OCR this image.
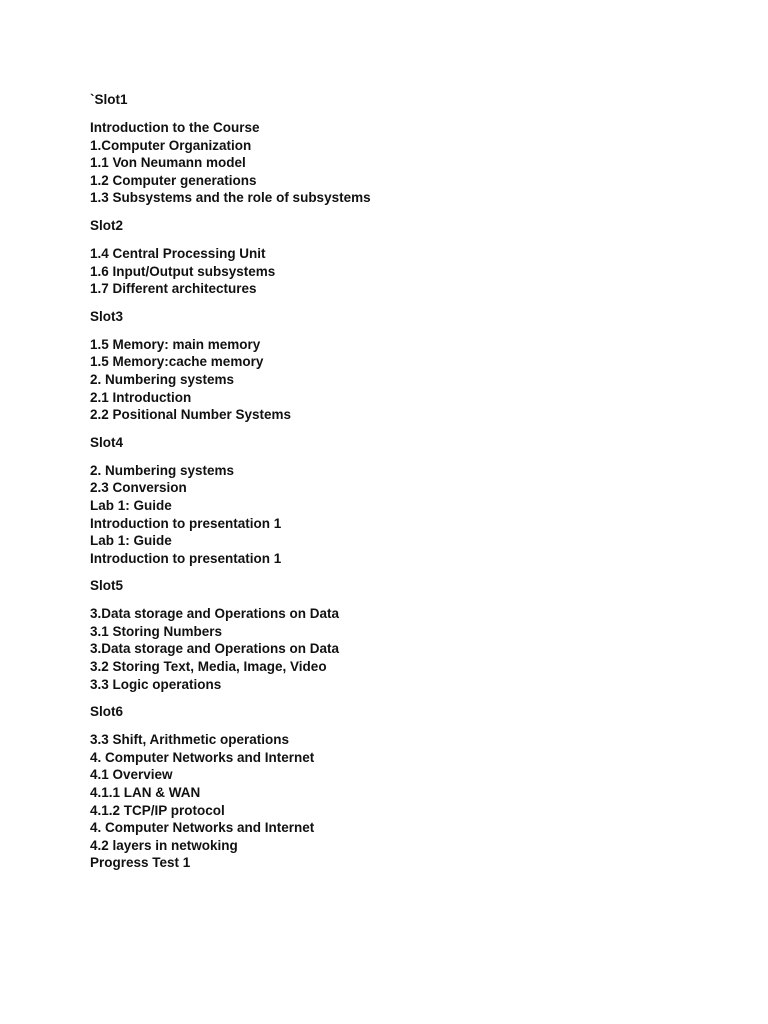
`Slot1
Introduction to the Course
1.Computer Organization
1.1 Von Neumann model
1.2 Computer generations
1.3 Subsystems and the role of subsystems
Slot2
1.4 Central Processing Unit
1.6 Input/Output subsystems
1.7 Different architectures
Slot3
1.5 Memory: main memory
1.5 Memory:cache memory
2. Numbering systems
2.1 Introduction
2.2 Positional Number Systems
Slot4
2. Numbering systems
2.3 Conversion
Lab 1: Guide
Introduction to presentation 1
Lab 1: Guide
Introduction to presentation 1
Slot5
3.Data storage and Operations on Data
3.1 Storing Numbers
3.Data storage and Operations on Data
3.2 Storing Text, Media, Image, Video
3.3 Logic operations
Slot6
3.3 Shift, Arithmetic operations
4. Computer Networks and Internet
4.1 Overview
4.1.1 LAN & WAN
4.1.2 TCP/IP protocol
4. Computer Networks and Internet
4.2 layers in netwoking
Progress Test 1
